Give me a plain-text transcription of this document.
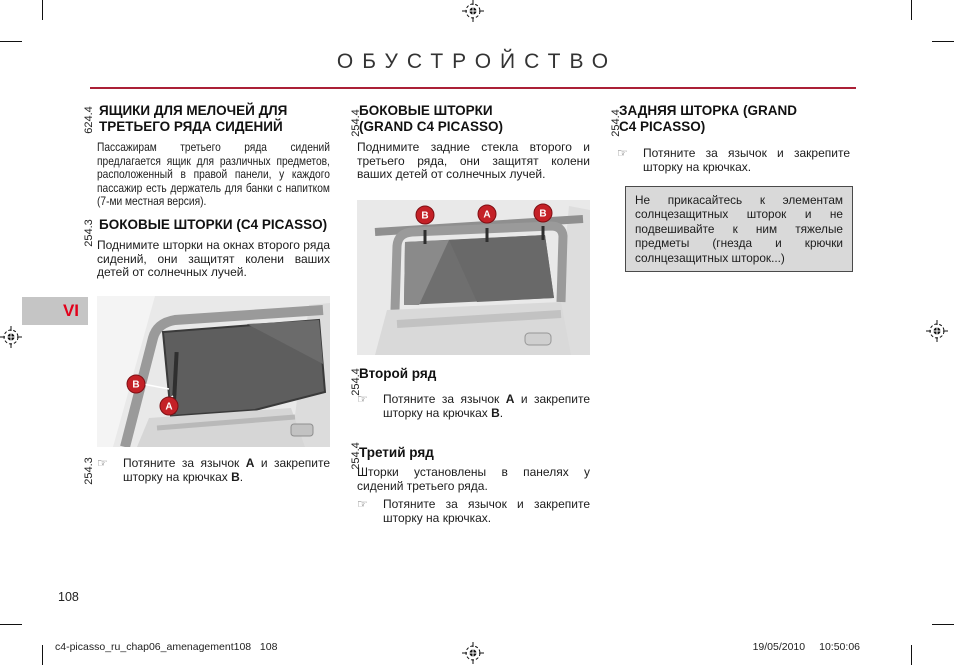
ОБУСТРОЙСТВО
VI
624.4
254.3
254.3
254.4
254.4
254.4
254.4
ЯЩИКИ ДЛЯ МЕЛОЧЕЙ ДЛЯ ТРЕТЬЕГО РЯДА СИДЕНИЙ

Пассажирам третьего ряда сидений предлагается ящик для различных предметов, расположенный в правой панели, у каждого пассажир есть держатель для банки с напитком (7-ми местная версия).

БОКОВЫЕ ШТОРКИ (C4 PICASSO)

Поднимите шторки на окнах второго ряда сидений, они защитят колени ваших детей от солнечных лучей.

B
A
☞ Потяните за язычок А и закрепите шторку на крючках В.
БОКОВЫЕ ШТОРКИ (GRAND C4 PICASSO)

Поднимите задние стекла второго и третьего ряда, они защитят колени ваших детей от солнечных лучей.

B	A	B
Второй ряд
☞ Потяните за язычок А и закрепите шторку на крючках В.
Третий ряд

Шторки установлены в панелях у сидений третьего ряда.

☞ Потяните за язычок и закрепите шторку на крючках.
ЗАДНЯЯ ШТОРКА (GRAND C4 PICASSO)
☞ Потяните за язычок и закрепите шторку на крючках.
Не прикасайтесь к элементам солнцезащитных шторок и не подвешивайте к ним тяжелые предметы (гнезда и крючки солнцезащитных шторок...)
108
c4-picasso_ru_chap06_amenagement108   108	19/05/2010 10:50:06
